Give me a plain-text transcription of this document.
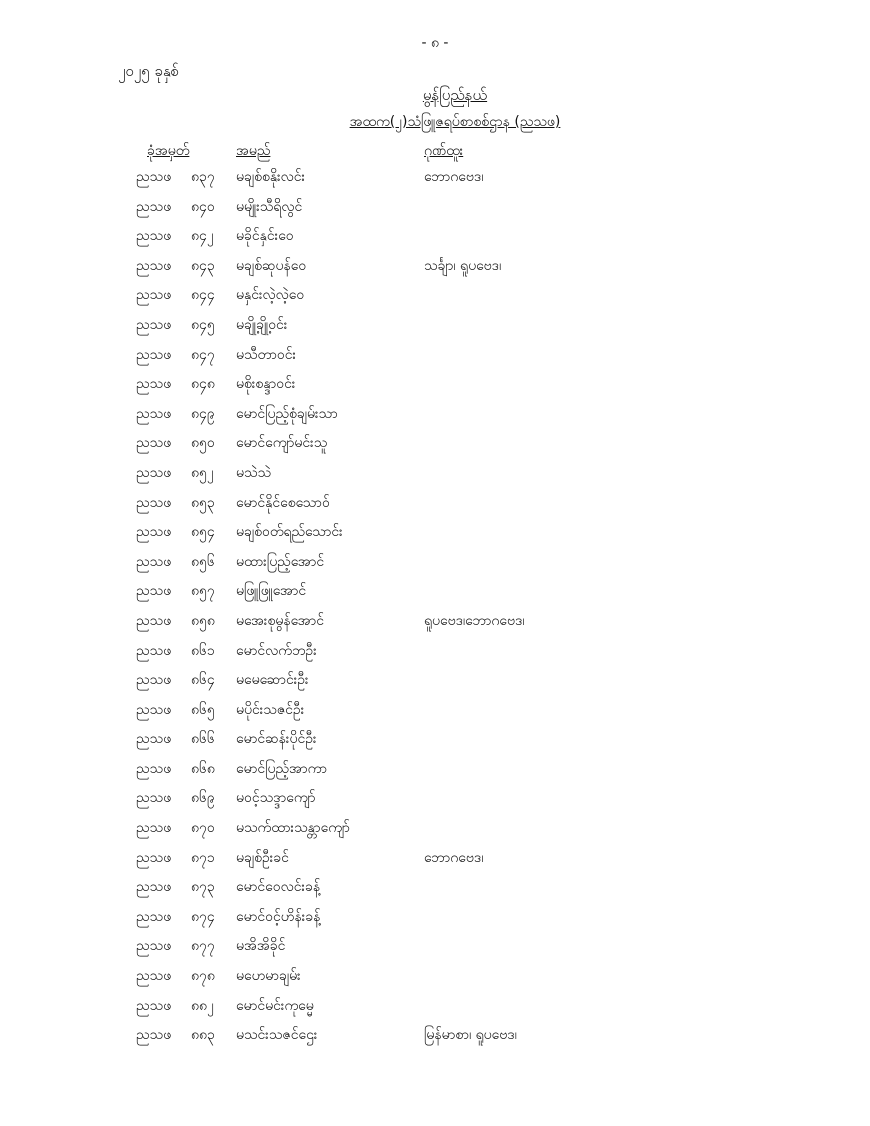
- ၈ -
၂၀၂၅ ခုနှစ်
မွန်ပြည်နယ်
အထက(၂)သံဖြူဇရပ်စာစစ်ဌာန (ညသဖ)
ခုံအမှတ်	အမည်	ဂုဏ်ထူး
ညသဖ ၈၃၇ မချစ်စနိုးလင်း	ဘောဂဗေဒ၊
ညသဖ ၈၄၀ မမျိုးသီရိလွင်
ညသဖ ၈၄၂ မခိုင်နှင်းဝေ
ညသဖ ၈၄၃ မချစ်ဆုပန်ဝေ	သင်္ချာ၊ ရူပဗေဒ၊
ညသဖ ၈၄၄ မနှင်းလဲ့လဲ့ဝေ
ညသဖ ၈၄၅ မချို့ချို့ဝင်း
ညသဖ ၈၄၇ မသီတာဝင်း
ညသဖ ၈၄၈ မစိုးစန္ဒာဝင်း
ညသဖ ၈၄၉ မောင်ပြည့်စုံချမ်းသာ
ညသဖ ၈၅၀ မောင်ကျော်မင်းသူ
ညသဖ ၈၅၂ မသဲသဲ
ညသဖ ၈၅၃ မောင်နိုင်စေသောဝ်
ညသဖ ၈၅၄ မချစ်ဝတ်ရည်သောင်း
ညသဖ ၈၅၆ မထားပြည့်အောင်
ညသဖ ၈၅၇ မဖြူဖြူအောင်
ညသဖ ၈၅၈ မအေးစုမွန်အောင်	ရူပဗေဒ၊ဘောဂဗေဒ၊
ညသဖ ၈၆၁ မောင်လက်ဘဦး
ညသဖ ၈၆၄ မမေဆောင်းဦး
ညသဖ ၈၆၅ မပိုင်းသဇင်ဦး
ညသဖ ၈၆၆ မောင်ဆန်းပိုင်ဦး
ညသဖ ၈၆၈ မောင်ပြည့်အာကာ
ညသဖ ၈၆၉ မဝင့်သဒ္ဒာကျော်
ညသဖ ၈၇၀ မသက်ထားသန္တာကျော်
ညသဖ ၈၇၁ မချစ်ဦးခင်	ဘောဂဗေဒ၊
ညသဖ ၈၇၃ မောင်ဝေလင်းခန့်
ညသဖ ၈၇၄ မောင်ဝင့်ဟိန်းခန့်
ညသဖ ၈၇၇ မအိအိခိုင်
ညသဖ ၈၇၈ မဟေမာချမ်း
ညသဖ ၈၈၂ မောင်မင်းကုမ္မေ
ညသဖ ၈၈၃ မသင်းသဇင်ဌေး	မြန်မာစာ၊ ရူပဗေဒ၊
